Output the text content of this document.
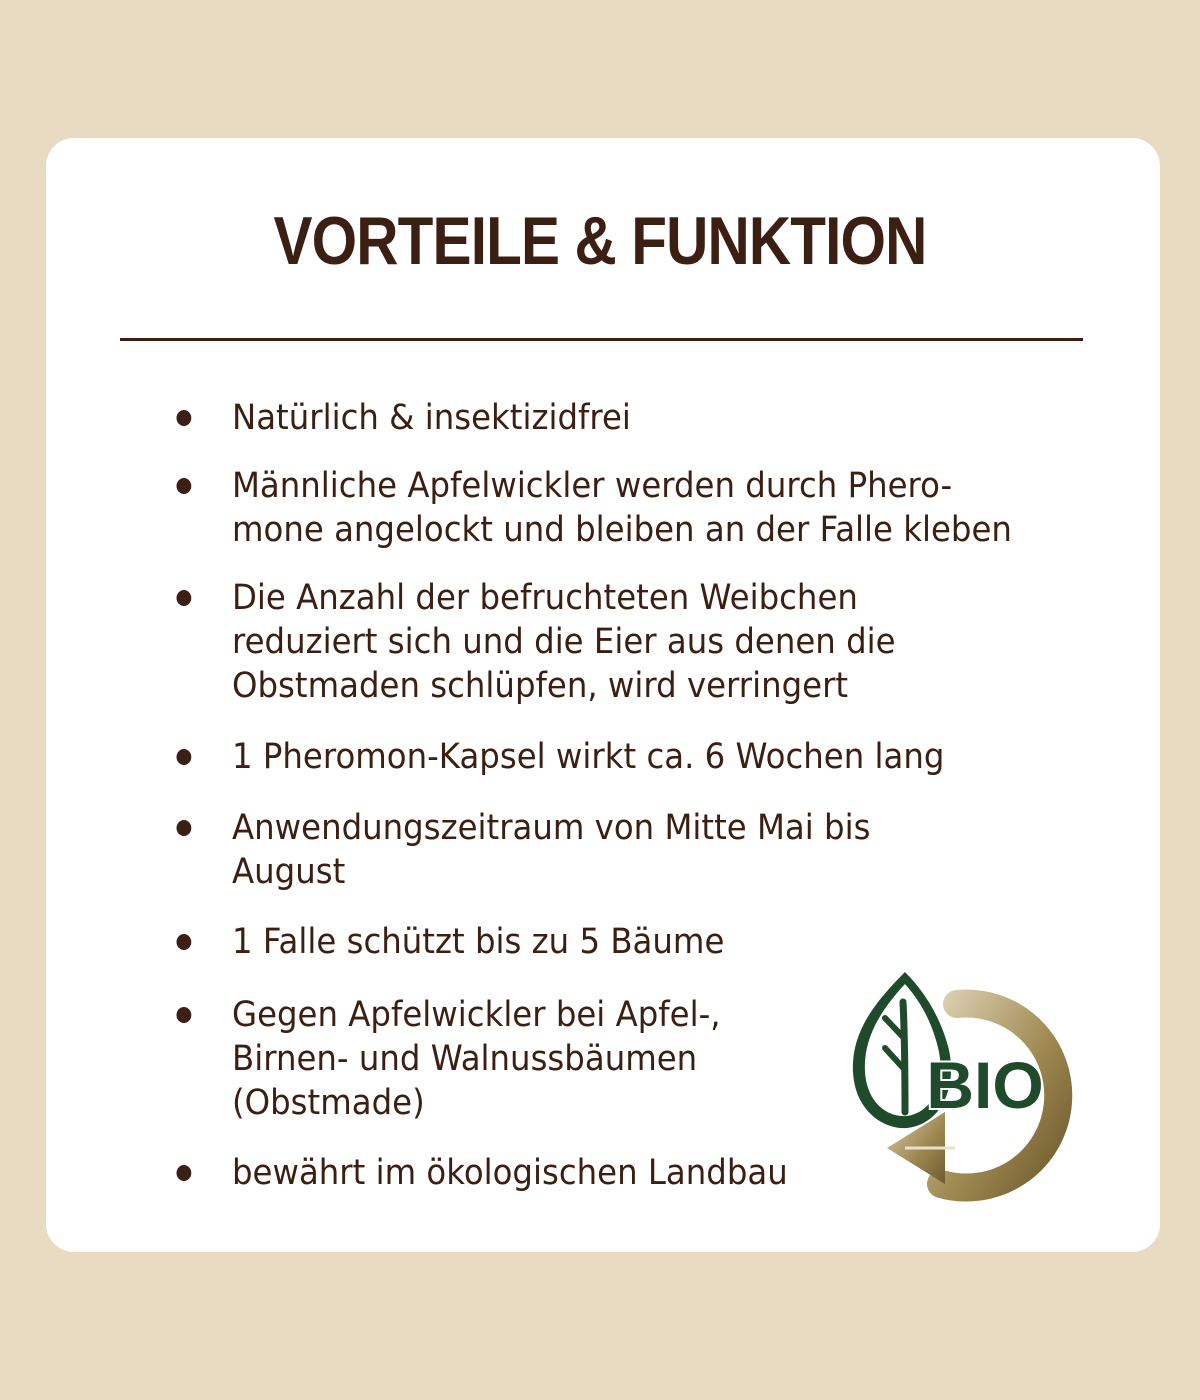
VORTEILE & FUNKTION
Natürlich & insektizidfrei
Männliche Apfelwickler werden durch Phero-
mone angelockt und bleiben an der Falle kleben
Die Anzahl der befruchteten Weibchen
reduziert sich und die Eier aus denen die
Obstmaden schlüpfen, wird verringert
1 Pheromon-Kapsel wirkt ca. 6 Wochen lang
Anwendungszeitraum von Mitte Mai bis
August
1 Falle schützt bis zu 5 Bäume
Gegen Apfelwickler bei Apfel-,
Birnen- und Walnussbäumen
(Obstmade)
bewährt im ökologischen Landbau
BIO
